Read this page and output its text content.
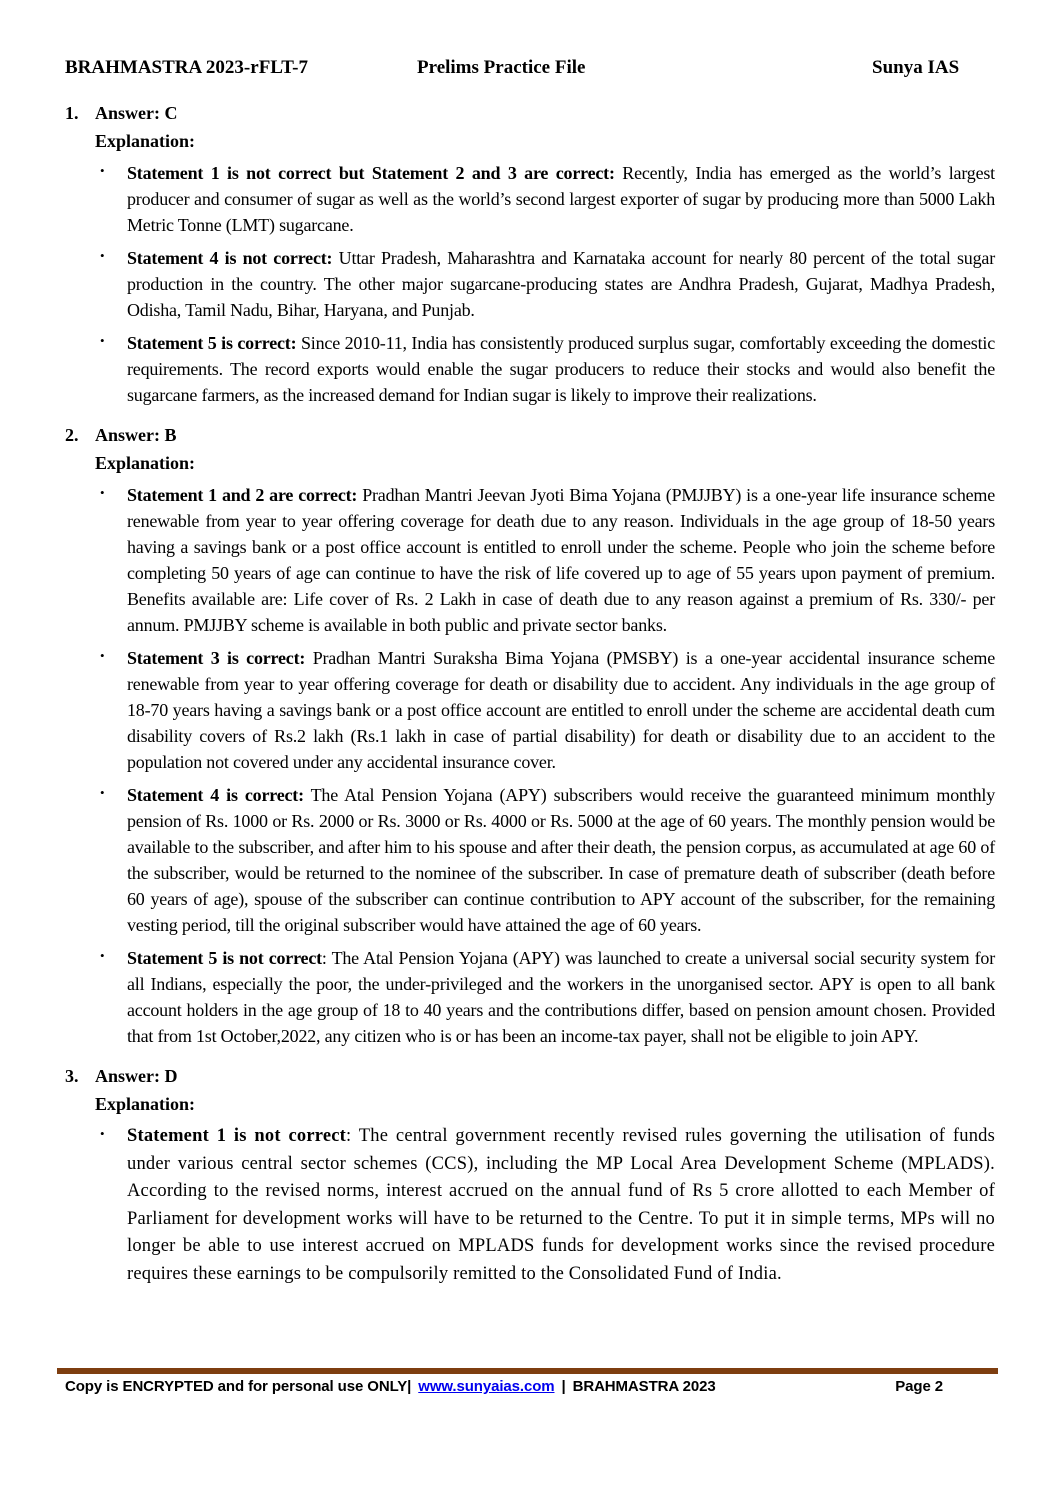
BRAHMASTRA 2023-rFLT-7	Prelims Practice File	Sunya IAS
1. Answer: C
Explanation:
•	Statement 1 is not correct but Statement 2 and 3 are correct: Recently, India has emerged as the world’s largest producer and consumer of sugar as well as the world’s second largest exporter of sugar by producing more than 5000 Lakh Metric Tonne (LMT) sugarcane.

•	Statement 4 is not correct: Uttar Pradesh, Maharashtra and Karnataka account for nearly 80 percent of the total sugar production in the country. The other major sugarcane-producing states are Andhra Pradesh, Gujarat, Madhya Pradesh, Odisha, Tamil Nadu, Bihar, Haryana, and Punjab.

•	Statement 5 is correct: Since 2010-11, India has consistently produced surplus sugar, comfortably exceeding the domestic requirements. The record exports would enable the sugar producers to reduce their stocks and would also benefit the sugarcane farmers, as the increased demand for Indian sugar is likely to improve their realizations.

2. Answer: B
Explanation:
•	Statement 1 and 2 are correct: Pradhan Mantri Jeevan Jyoti Bima Yojana (PMJJBY) is a one-year life insurance scheme renewable from year to year offering coverage for death due to any reason. Individuals in the age group of 18-50 years having a savings bank or a post office account is entitled to enroll under the scheme. People who join the scheme before completing 50 years of age can continue to have the risk of life covered up to age of 55 years upon payment of premium. Benefits available are: Life cover of Rs. 2 Lakh in case of death due to any reason against a premium of Rs. 330/- per annum. PMJJBY scheme is available in both public and private sector banks.

•	Statement 3 is correct: Pradhan Mantri Suraksha Bima Yojana (PMSBY) is a one-year accidental insurance scheme renewable from year to year offering coverage for death or disability due to accident. Any individuals in the age group of 18-70 years having a savings bank or a post office account are entitled to enroll under the scheme are accidental death cum disability covers of Rs.2 lakh (Rs.1 lakh in case of partial disability) for death or disability due to an accident to the population not covered under any accidental insurance cover.

•	Statement 4 is correct: The Atal Pension Yojana (APY) subscribers would receive the guaranteed minimum monthly pension of Rs. 1000 or Rs. 2000 or Rs. 3000 or Rs. 4000 or Rs. 5000 at the age of 60 years. The monthly pension would be available to the subscriber, and after him to his spouse and after their death, the pension corpus, as accumulated at age 60 of the subscriber, would be returned to the nominee of the subscriber. In case of premature death of subscriber (death before 60 years of age), spouse of the subscriber can continue contribution to APY account of the subscriber, for the remaining vesting period, till the original subscriber would have attained the age of 60 years.

•	Statement 5 is not correct: The Atal Pension Yojana (APY) was launched to create a universal social security system for all Indians, especially the poor, the under-privileged and the workers in the unorganised sector. APY is open to all bank account holders in the age group of 18 to 40 years and the contributions differ, based on pension amount chosen. Provided that from 1st October,2022, any citizen who is or has been an income-tax payer, shall not be eligible to join APY.

3. Answer: D
Explanation:
•	Statement 1 is not correct: The central government recently revised rules governing the utilisation of funds under various central sector schemes (CCS), including the MP Local Area Development Scheme (MPLADS). According to the revised norms, interest accrued on the annual fund of Rs 5 crore allotted to each Member of Parliament for development works will have to be returned to the Centre. To put it in simple terms, MPs will no longer be able to use interest accrued on MPLADS funds for development works since the revised procedure requires these earnings to be compulsorily remitted to the Consolidated Fund of India.

Copy is ENCRYPTED and for personal use ONLY| www.sunyaias.com | BRAHMASTRA 2023	Page 2
